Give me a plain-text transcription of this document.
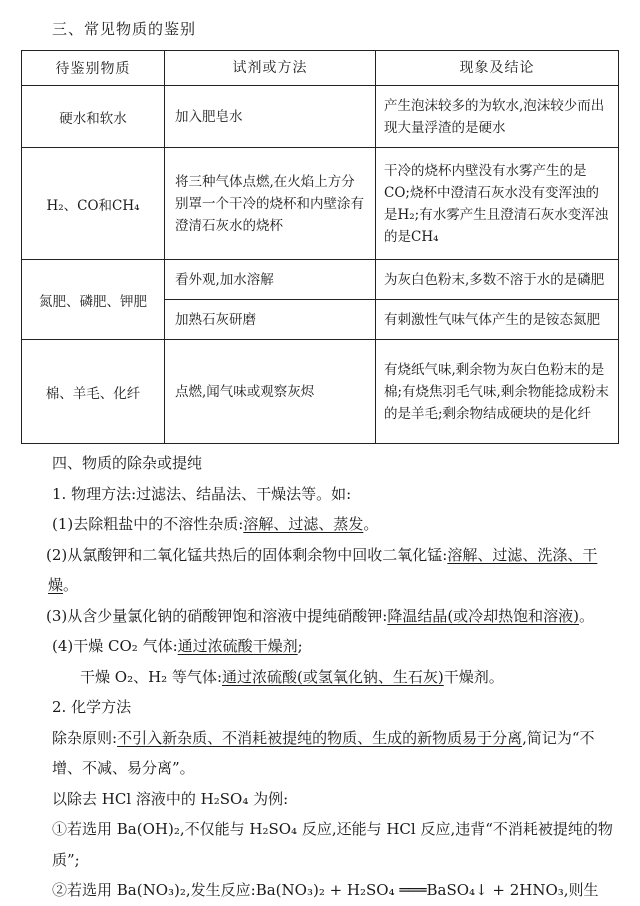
三、常见物质的鉴别
待鉴别物质	试剂或方法	现象及结论
硬水和软水	加入肥皂水	产生泡沫较多的为软水,泡沫较少而出现大量浮渣的是硬水
H₂、CO和CH₄	将三种气体点燃,在火焰上方分别罩一个干冷的烧杯和内壁涂有澄清石灰水的烧杯	干冷的烧杯内壁没有水雾产生的是CO;烧杯中澄清石灰水没有变浑浊的是H₂;有水雾产生且澄清石灰水变浑浊的是CH₄
氮肥、磷肥、钾肥	看外观,加水溶解	为灰白色粉末,多数不溶于水的是磷肥
	加熟石灰研磨	有刺激性气味气体产生的是铵态氮肥
棉、羊毛、化纤	点燃,闻气味或观察灰烬	有烧纸气味,剩余物为灰白色粉末的是棉;有烧焦羽毛气味,剩余物能捻成粉末的是羊毛;剩余物结成硬块的是化纤

四、物质的除杂或提纯

1. 物理方法:过滤法、结晶法、干燥法等。如:

(1)去除粗盐中的不溶性杂质:溶解、过滤、蒸发。

(2)从氯酸钾和二氧化锰共热后的固体剩余物中回收二氧化锰:溶解、过滤、洗涤、干燥。

(3)从含少量氯化钠的硝酸钾饱和溶液中提纯硝酸钾:降温结晶(或冷却热饱和溶液)。

(4)干燥 CO₂ 气体:通过浓硫酸干燥剂;

干燥 O₂、H₂ 等气体:通过浓硫酸(或氢氧化钠、生石灰)干燥剂。

2. 化学方法

除杂原则:不引入新杂质、不消耗被提纯的物质、生成的新物质易于分离,简记为“不增、不减、易分离”。

以除去 HCl 溶液中的 H₂SO₄ 为例:

①若选用 Ba(OH)₂,不仅能与 H₂SO₄ 反应,还能与 HCl 反应,违背“不消耗被提纯的物质”;

②若选用 Ba(NO₃)₂,发生反应:Ba(NO₃)₂ + H₂SO₄ ═══BaSO₄↓ + 2HNO₃,则生
